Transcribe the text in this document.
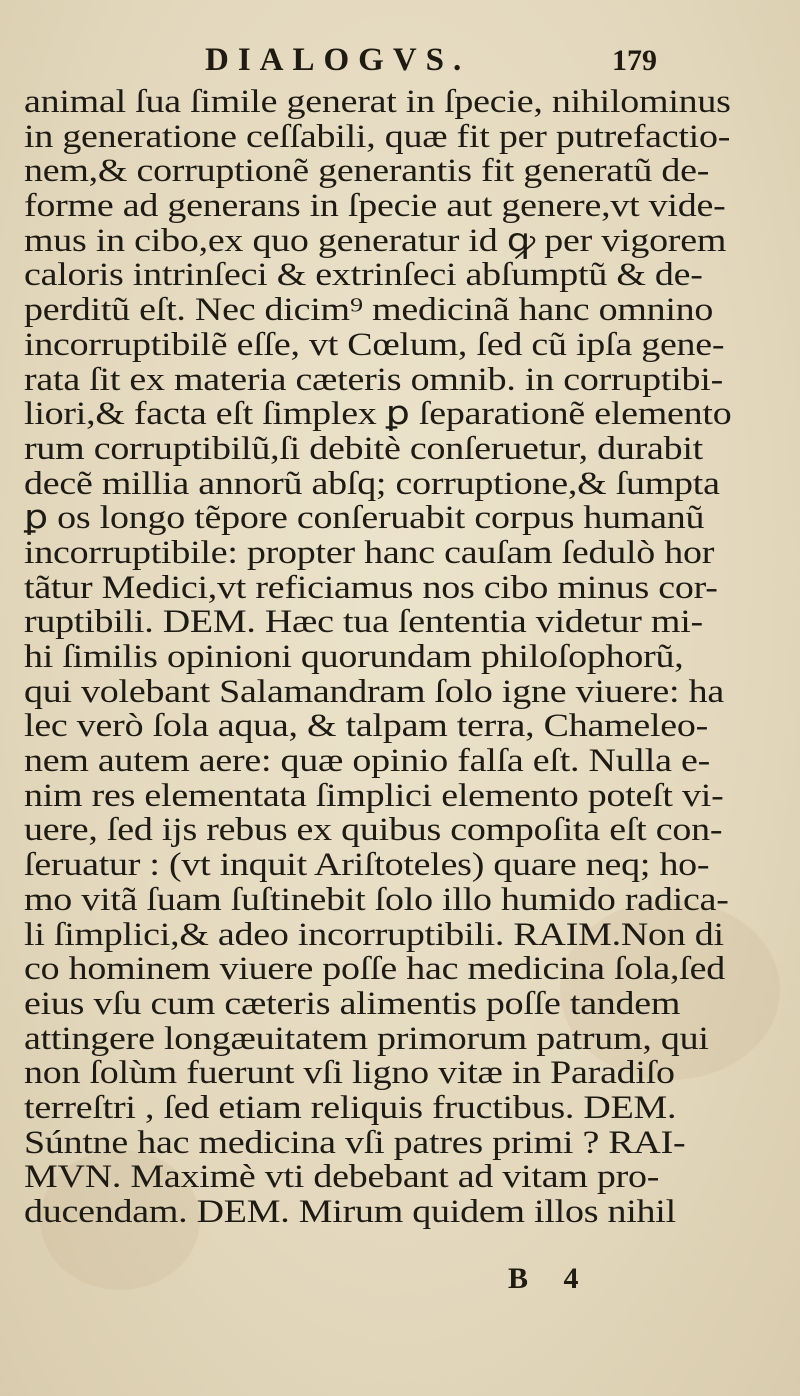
DIALOGVS.	179
animal ſua ſimile generat in ſpecie, nihilominus
in generatione ceſſabili, quæ fit per putrefactio-
nem,& corruptionẽ generantis fit generatũ de-
forme ad generans in ſpecie aut genere,vt vide-
mus in cibo,ex quo generatur id ꝙ per vigorem
caloris intrinſeci & extrinſeci abſumptũ & de-
perditũ eſt. Nec dicim⁹ medicinã hanc omnino
incorruptibilẽ eſſe, vt Cœlum, ſed cũ ipſa gene-
rata ſit ex materia cæteris omnib. in corruptibi-
liori,& facta eſt ſimplex ꝑ ſeparationẽ elemento
rum corruptibilũ,ſi debitè conſeruetur, durabit
decẽ millia annorũ abſq; corruptione,& ſumpta
ꝑ os longo tẽpore conſeruabit corpus humanũ
incorruptibile: propter hanc cauſam ſedulò hor
tãtur Medici,vt reficiamus nos cibo minus cor-
ruptibili. DEM. Hæc tua ſententia videtur mi-
hi ſimilis opinioni quorundam philoſophorũ,
qui volebant Salamandram ſolo igne viuere: ha
lec verò ſola aqua, & talpam terra, Chameleo-
nem autem aere: quæ opinio falſa eſt. Nulla e-
nim res elementata ſimplici elemento poteſt vi-
uere, ſed ijs rebus ex quibus compoſita eſt con-
ſeruatur : (vt inquit Ariſtoteles) quare neq; ho-
mo vitã ſuam ſuſtinebit ſolo illo humido radica-
li ſimplici,& adeo incorruptibili. RAIM.Non di
co hominem viuere poſſe hac medicina ſola,ſed
eius vſu cum cæteris alimentis poſſe tandem
attingere longæuitatem primorum patrum, qui
non ſolùm fuerunt vſi ligno vitæ in Paradiſo
terreſtri , ſed etiam reliquis fructibus. DEM.
Súntne hac medicina vſi patres primi ? RAI-
MVN. Maximè vti debebant ad vitam pro-
ducendam. DEM. Mirum quidem illos nihil
B 4
